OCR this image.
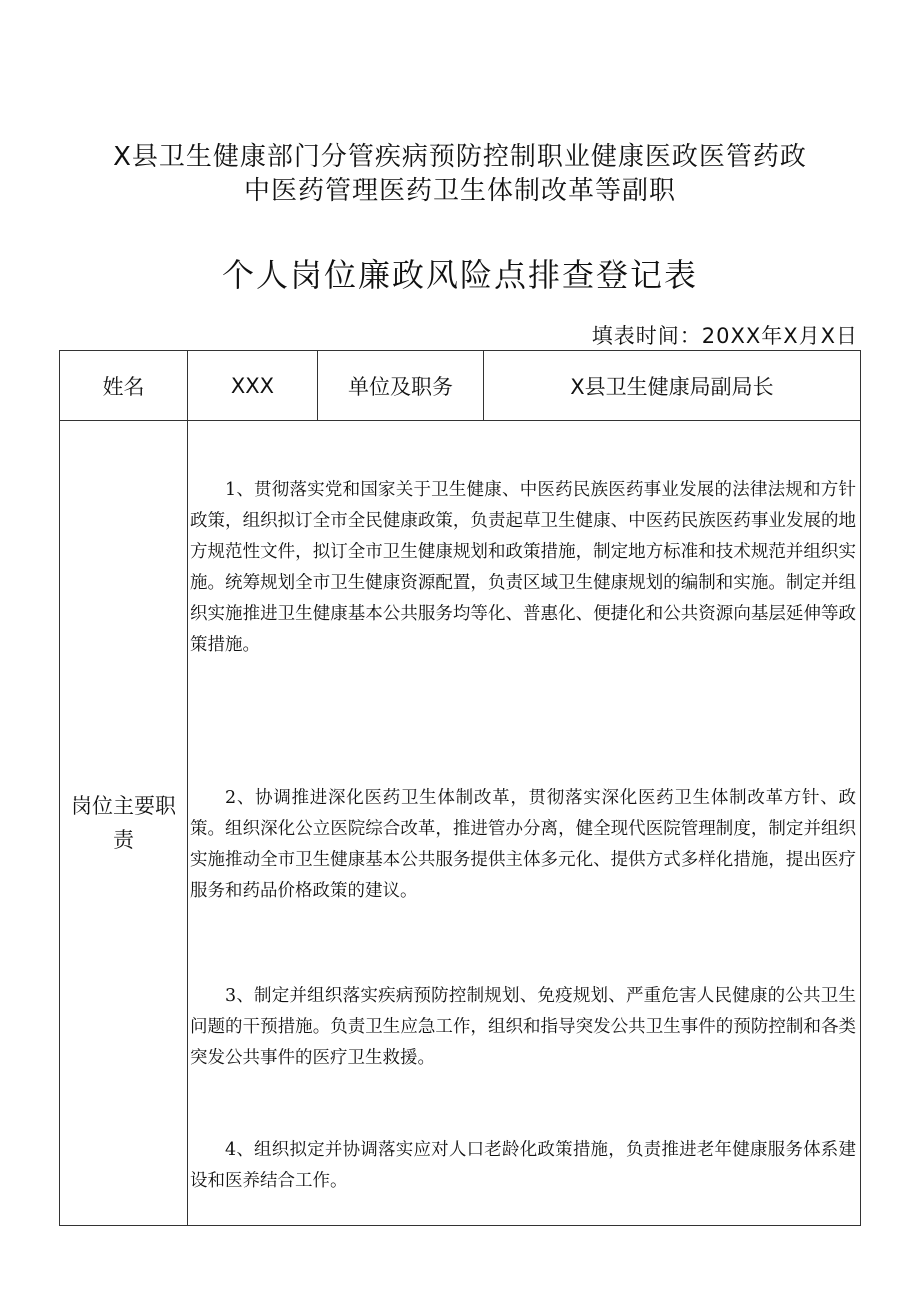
X县卫生健康部门分管疾病预防控制职业健康医政医管药政
中医药管理医药卫生体制改革等副职
个人岗位廉政风险点排查登记表
填表时间：20XX年X月X日
姓名	XXX	单位及职务	X县卫生健康局副局长
岗位主要职责
1、贯彻落实党和国家关于卫生健康、中医药民族医药事业发展的法律法规和方针政策，组织拟订全市全民健康政策，负责起草卫生健康、中医药民族医药事业发展的地方规范性文件，拟订全市卫生健康规划和政策措施，制定地方标准和技术规范并组织实施。统筹规划全市卫生健康资源配置，负责区域卫生健康规划的编制和实施。制定并组织实施推进卫生健康基本公共服务均等化、普惠化、便捷化和公共资源向基层延伸等政策措施。
2、协调推进深化医药卫生体制改革，贯彻落实深化医药卫生体制改革方针、政策。组织深化公立医院综合改革，推进管办分离，健全现代医院管理制度，制定并组织实施推动全市卫生健康基本公共服务提供主体多元化、提供方式多样化措施，提出医疗服务和药品价格政策的建议。
3、制定并组织落实疾病预防控制规划、免疫规划、严重危害人民健康的公共卫生问题的干预措施。负责卫生应急工作，组织和指导突发公共卫生事件的预防控制和各类突发公共事件的医疗卫生救援。
4、组织拟定并协调落实应对人口老龄化政策措施，负责推进老年健康服务体系建设和医养结合工作。
